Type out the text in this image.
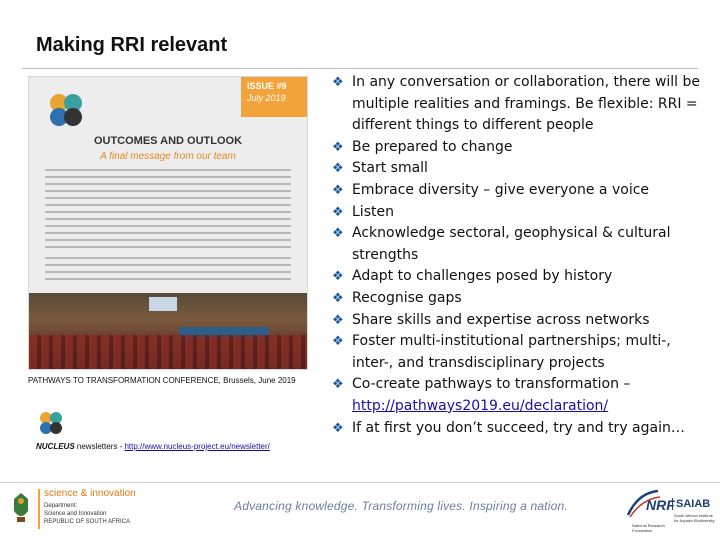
Making RRI relevant
ISSUE #9
July 2019
OUTCOMES AND OUTLOOK
A final message from our team
PATHWAYS TO TRANSFORMATION CONFERENCE, Brussels, June 2019
NUCLEUS newsletters - http://www.nucleus-project.eu/newsletter/
❖ In any conversation or collaboration, there will be multiple realities and framings. Be flexible: RRI = different things to different people
❖ Be prepared to change
❖ Start small
❖ Embrace diversity – give everyone a voice
❖ Listen
❖ Acknowledge sectoral, geophysical & cultural strengths
❖ Adapt to challenges posed by history
❖ Recognise gaps
❖ Share skills and expertise across networks
❖ Foster multi-institutional partnerships; multi-, inter-, and transdisciplinary projects
❖ Co-create pathways to transformation – http://pathways2019.eu/declaration/
❖ If at first you don’t succeed, try and try again…
science & innovation
Department:
Science and Innovation
REPUBLIC OF SOUTH AFRICA
Advancing knowledge. Transforming lives. Inspiring a nation.	NRF
National Research Foundation
SAIAB
South African Institute for Aquatic Biodiversity
